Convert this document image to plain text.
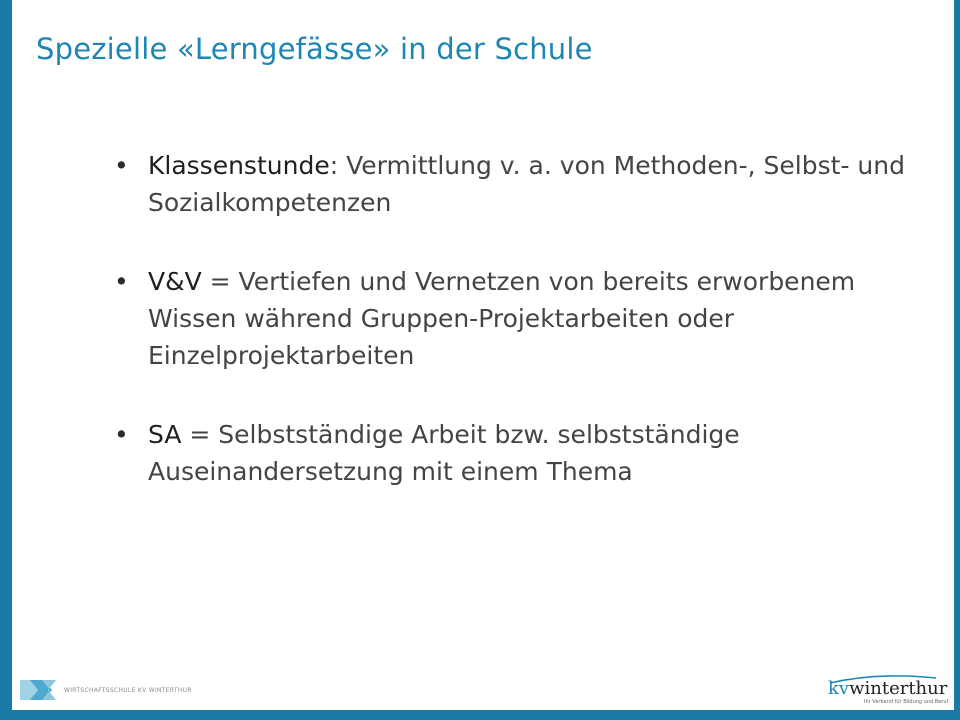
Spezielle «Lerngefässe» in der Schule
• Klassenstunde: Vermittlung v. a. von Methoden-, Selbst- und Sozialkompetenzen
• V&V = Vertiefen und Vernetzen von bereits erworbenem Wissen während Gruppen-Projektarbeiten oder Einzelprojektarbeiten
• SA = Selbstständige Arbeit bzw. selbstständige Auseinandersetzung mit einem Thema
WIRTSCHAFTSSCHULE KV WINTERTHUR	kvwinterthur
Ihr Verband für Bildung und Beruf
